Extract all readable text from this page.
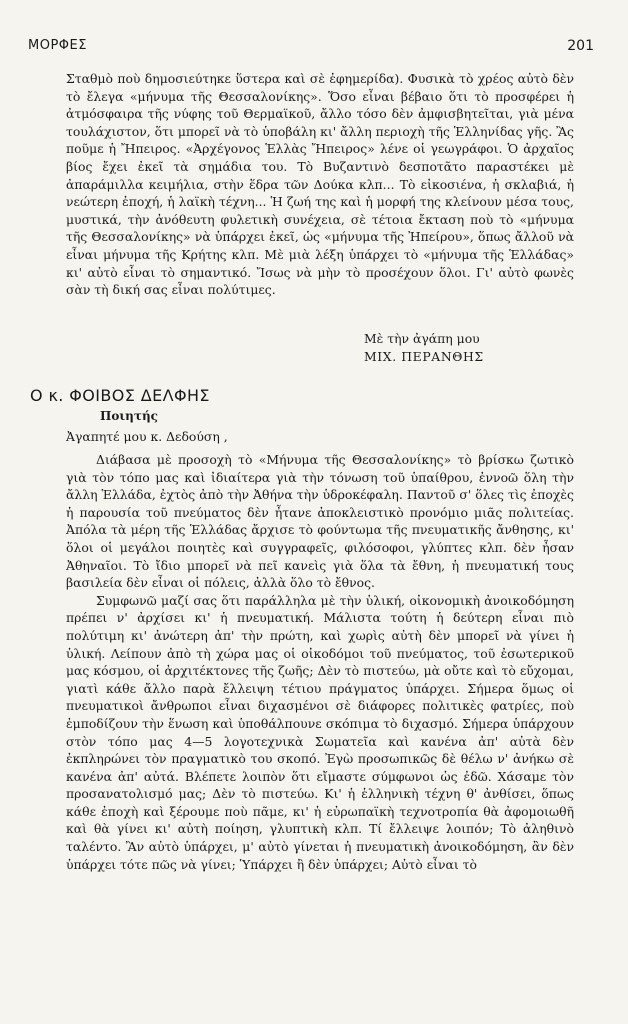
ΜΟΡΦΕΣ	201

Σταθμὸ ποὺ δημοσιεύτηκε ὕστερα καὶ σὲ ἐφημερίδα). Φυσικὰ τὸ χρέος αὐτὸ δὲν τὸ ἔλεγα «μήνυμα τῆς Θεσσαλονίκης». Ὅσο εἶναι βέβαιο ὅτι τὸ προσφέρει ἡ ἀτμόσφαιρα τῆς νύφης τοῦ Θερμαϊκοῦ, ἄλλο τόσο δὲν ἀμφισβητεῖται, γιὰ μένα τουλάχιστον, ὅτι μπορεῖ νὰ τὸ ὑποβάλη κι' ἄλλη περιοχὴ τῆς Ἑλληνίδας γῆς. Ἂς ποῦμε ἡ Ἤπειρος. «Ἀρχέγονος Ἑλλὰς Ἤπειρος» λένε οἱ γεωγράφοι. Ὁ ἀρχαῖος βίος ἔχει ἐκεῖ τὰ σημάδια του. Τὸ Βυζαντινὸ δεσποτᾶτο παραστέκει μὲ ἀπαράμιλλα κειμήλια, στὴν ἕδρα τῶν Δούκα κλπ... Τὸ εἰκοσιένα, ἡ σκλαβιά, ἡ νεώτερη ἐποχή, ἡ λαϊκὴ τέχνη... Ἡ ζωή της καὶ ἡ μορφή της κλείνουν μέσα τους, μυστικά, τὴν ἀνόθευτη φυλετικὴ συνέχεια, σὲ τέτοια ἔκταση ποὺ τὸ «μήνυμα τῆς Θεσσαλονίκης» νὰ ὑπάρχει ἐκεῖ, ὡς «μήνυμα τῆς Ἠπείρου», ὅπως ἄλλοῦ νὰ εἶναι μήνυμα τῆς Κρήτης κλπ. Μὲ μιὰ λέξη ὑπάρχει τὸ «μήνυμα τῆς Ἑλλάδας» κι' αὐτὸ εἶναι τὸ σημαντικό. Ἴσως νὰ μὴν τὸ προσέχουν ὅλοι. Γι' αὐτὸ φωνὲς σὰν τὴ δική σας εἶναι πολύτιμες.

Μὲ τὴν ἀγάπη μου
ΜΙΧ. ΠΕΡΑΝΘΗΣ
Ο κ. ΦΟΙΒΟΣ ΔΕΛΦΗΣ
Ποιητής
Ἀγαπητέ μου κ. Δεδούση ,

Διάβασα μὲ προσοχὴ τὸ «Μήνυμα τῆς Θεσσαλονίκης» τὸ βρίσκω ζωτικὸ γιὰ τὸν τόπο μας καὶ ἰδιαίτερα γιὰ τὴν τόνωση τοῦ ὑπαίθρου, ἐννοῶ ὅλη τὴν ἄλλη Ἑλλάδα, ἐχτὸς ἀπὸ τὴν Ἀθήνα τὴν ὑδροκέφαλη. Παντοῦ σ' ὅλες τὶς ἐποχὲς ἡ παρουσία τοῦ πνεύματος δὲν ἦτανε ἀποκλειστικὸ προνόμιο μιᾶς πολιτείας. Ἀπόλα τὰ μέρη τῆς Ἑλλάδας ἄρχισε τὸ φούντωμα τῆς πνευματικῆς ἄνθησης, κι' ὅλοι οἱ μεγάλοι ποιητὲς καὶ συγγραφεῖς, φιλόσοφοι, γλύπτες κλπ. δὲν ἦσαν Ἀθηναῖοι. Τὸ ἴδιο μπορεῖ νὰ πεῖ κανεὶς γιὰ ὅλα τὰ ἔθνη, ἡ πνευματική τους βασιλεία δὲν εἶναι οἱ πόλεις, ἀλλὰ ὅλο τὸ ἔθνος.

Συμφωνῶ μαζί σας ὅτι παράλληλα μὲ τὴν ὑλική, οἰκονομικὴ ἀνοικοδόμηση πρέπει ν' ἀρχίσει κι' ἡ πνευματική. Μάλιστα τούτη ἡ δεύτερη εἶναι πιὸ πολύτιμη κι' ἀνώτερη ἀπ' τὴν πρώτη, καὶ χωρὶς αὐτὴ δὲν μπορεῖ νὰ γίνει ἡ ὑλική. Λείπουν ἀπὸ τὴ χώρα μας οἱ οἰκοδόμοι τοῦ πνεύματος, τοῦ ἐσωτερικοῦ μας κόσμου, οἱ ἀρχιτέκτονες τῆς ζωῆς; Δὲν τὸ πιστεύω, μὰ οὔτε καὶ τὸ εὔχομαι, γιατὶ κάθε ἄλλο παρὰ ἔλλειψη τέτιου πράγματος ὑπάρχει. Σήμερα ὅμως οἱ πνευματικοὶ ἄνθρωποι εἶναι διχασμένοι σὲ διάφορες πολιτικὲς φατρίες, ποὺ ἐμποδίζουν τὴν ἕνωση καὶ ὑποθάλπουνε σκόπιμα τὸ διχασμό. Σήμερα ὑπάρχουν στὸν τόπο μας 4—5 λογοτεχνικὰ Σωματεῖα καὶ κανένα ἀπ' αὐτὰ δὲν ἐκπληρώνει τὸν πραγματικὸ του σκοπό. Ἐγὼ προσωπικῶς δὲ θέλω ν' ἀνήκω σὲ κανένα ἀπ' αὐτά. Βλέπετε λοιπὸν ὅτι εἴμαστε σύμφωνοι ὡς ἐδῶ. Χάσαμε τὸν προσανατολισμό μας; Δὲν τὸ πιστεύω. Κι' ἡ ἑλληνικὴ τέχνη θ' ἀνθίσει, ὅπως κάθε ἐποχὴ καὶ ξέρουμε ποὺ πᾶμε, κι' ἡ εὐρωπαϊκὴ τεχνοτροπία θὰ ἀφομοιωθῆ καὶ θὰ γίνει κι' αὐτὴ ποίηση, γλυπτικὴ κλπ. Τί ἔλλειψε λοιπόν; Τὸ ἀληθινὸ ταλέντο. Ἂν αὐτὸ ὑπάρχει, μ' αὐτὸ γίνεται ἡ πνευματικὴ ἀνοικοδόμηση, ἂν δὲν ὑπάρχει τότε πῶς νὰ γίνει; Ὑπάρχει ἢ δὲν ὑπάρχει; Αὐτὸ εἶναι τὸ
